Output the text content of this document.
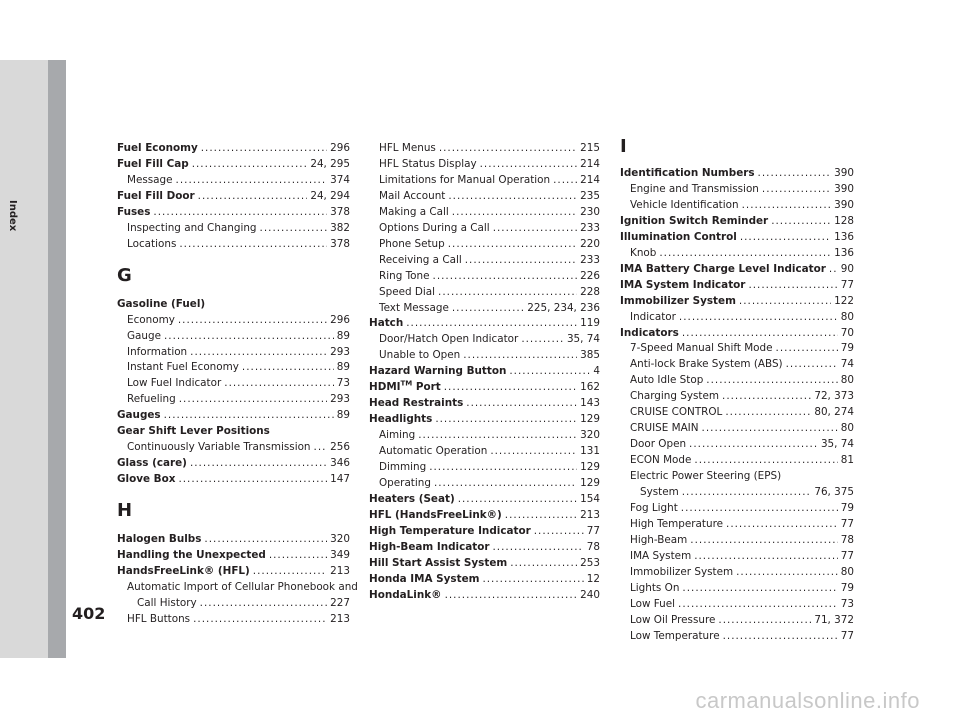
Index
402
Fuel Economy .....	296
Fuel Fill Cap .....	24, 295
Message .....	374
Fuel Fill Door .....	24, 294
Fuses .....	378
Inspecting and Changing .....	382
Locations .....	378
G
Gasoline (Fuel)
Economy .....	296
Gauge .....	89
Information .....	293
Instant Fuel Economy .....	89
Low Fuel Indicator .....	73
Refueling .....	293
Gauges .....	89
Gear Shift Lever Positions
Continuously Variable Transmission ..... 256
Glass (care) .....	346
Glove Box .....	147
H
Halogen Bulbs .....	320
Handling the Unexpected .....	349
HandsFreeLink® (HFL) .....	213
Automatic Import of Cellular Phonebook and
Call History .....	227
HFL Buttons .....	213
HFL Menus .....	215
HFL Status Display .....	214
Limitations for Manual Operation .....	214
Mail Account .....	235
Making a Call .....	230
Options During a Call .....	233
Phone Setup .....	220
Receiving a Call .....	233
Ring Tone .....	226
Speed Dial .....	228
Text Message .....	225, 234, 236
Hatch .....	119
Door/Hatch Open Indicator .....	35, 74
Unable to Open .....	385
Hazard Warning Button .....	4
HDMI™ Port .....	162
Head Restraints .....	143
Headlights .....	129
Aiming .....	320
Automatic Operation .....	131
Dimming .....	129
Operating .....	129
Heaters (Seat) .....	154
HFL (HandsFreeLink®) .....	213
High Temperature Indicator .....	77
High-Beam Indicator .....	78
Hill Start Assist System .....	253
Honda IMA System .....	12
HondaLink® .....	240
I
Identification Numbers .....	390
Engine and Transmission .....	390
Vehicle Identification .....	390
Ignition Switch Reminder .....	128
Illumination Control .....	136
Knob .....	136
IMA Battery Charge Level Indicator ..... 90
IMA System Indicator .....	77
Immobilizer System .....	122
Indicator .....	80
Indicators .....	70
7-Speed Manual Shift Mode .....	79
Anti-lock Brake System (ABS) .....	74
Auto Idle Stop .....	80
Charging System .....	72, 373
CRUISE CONTROL .....	80, 274
CRUISE MAIN .....	80
Door Open .....	35, 74
ECON Mode .....	81
Electric Power Steering (EPS)
System .....	76, 375
Fog Light .....	79
High Temperature .....	77
High-Beam .....	78
IMA System .....	77
Immobilizer System .....	80
Lights On .....	79
Low Fuel .....	73
Low Oil Pressure .....	71, 372
Low Temperature .....	77
carmanualsonline.info
